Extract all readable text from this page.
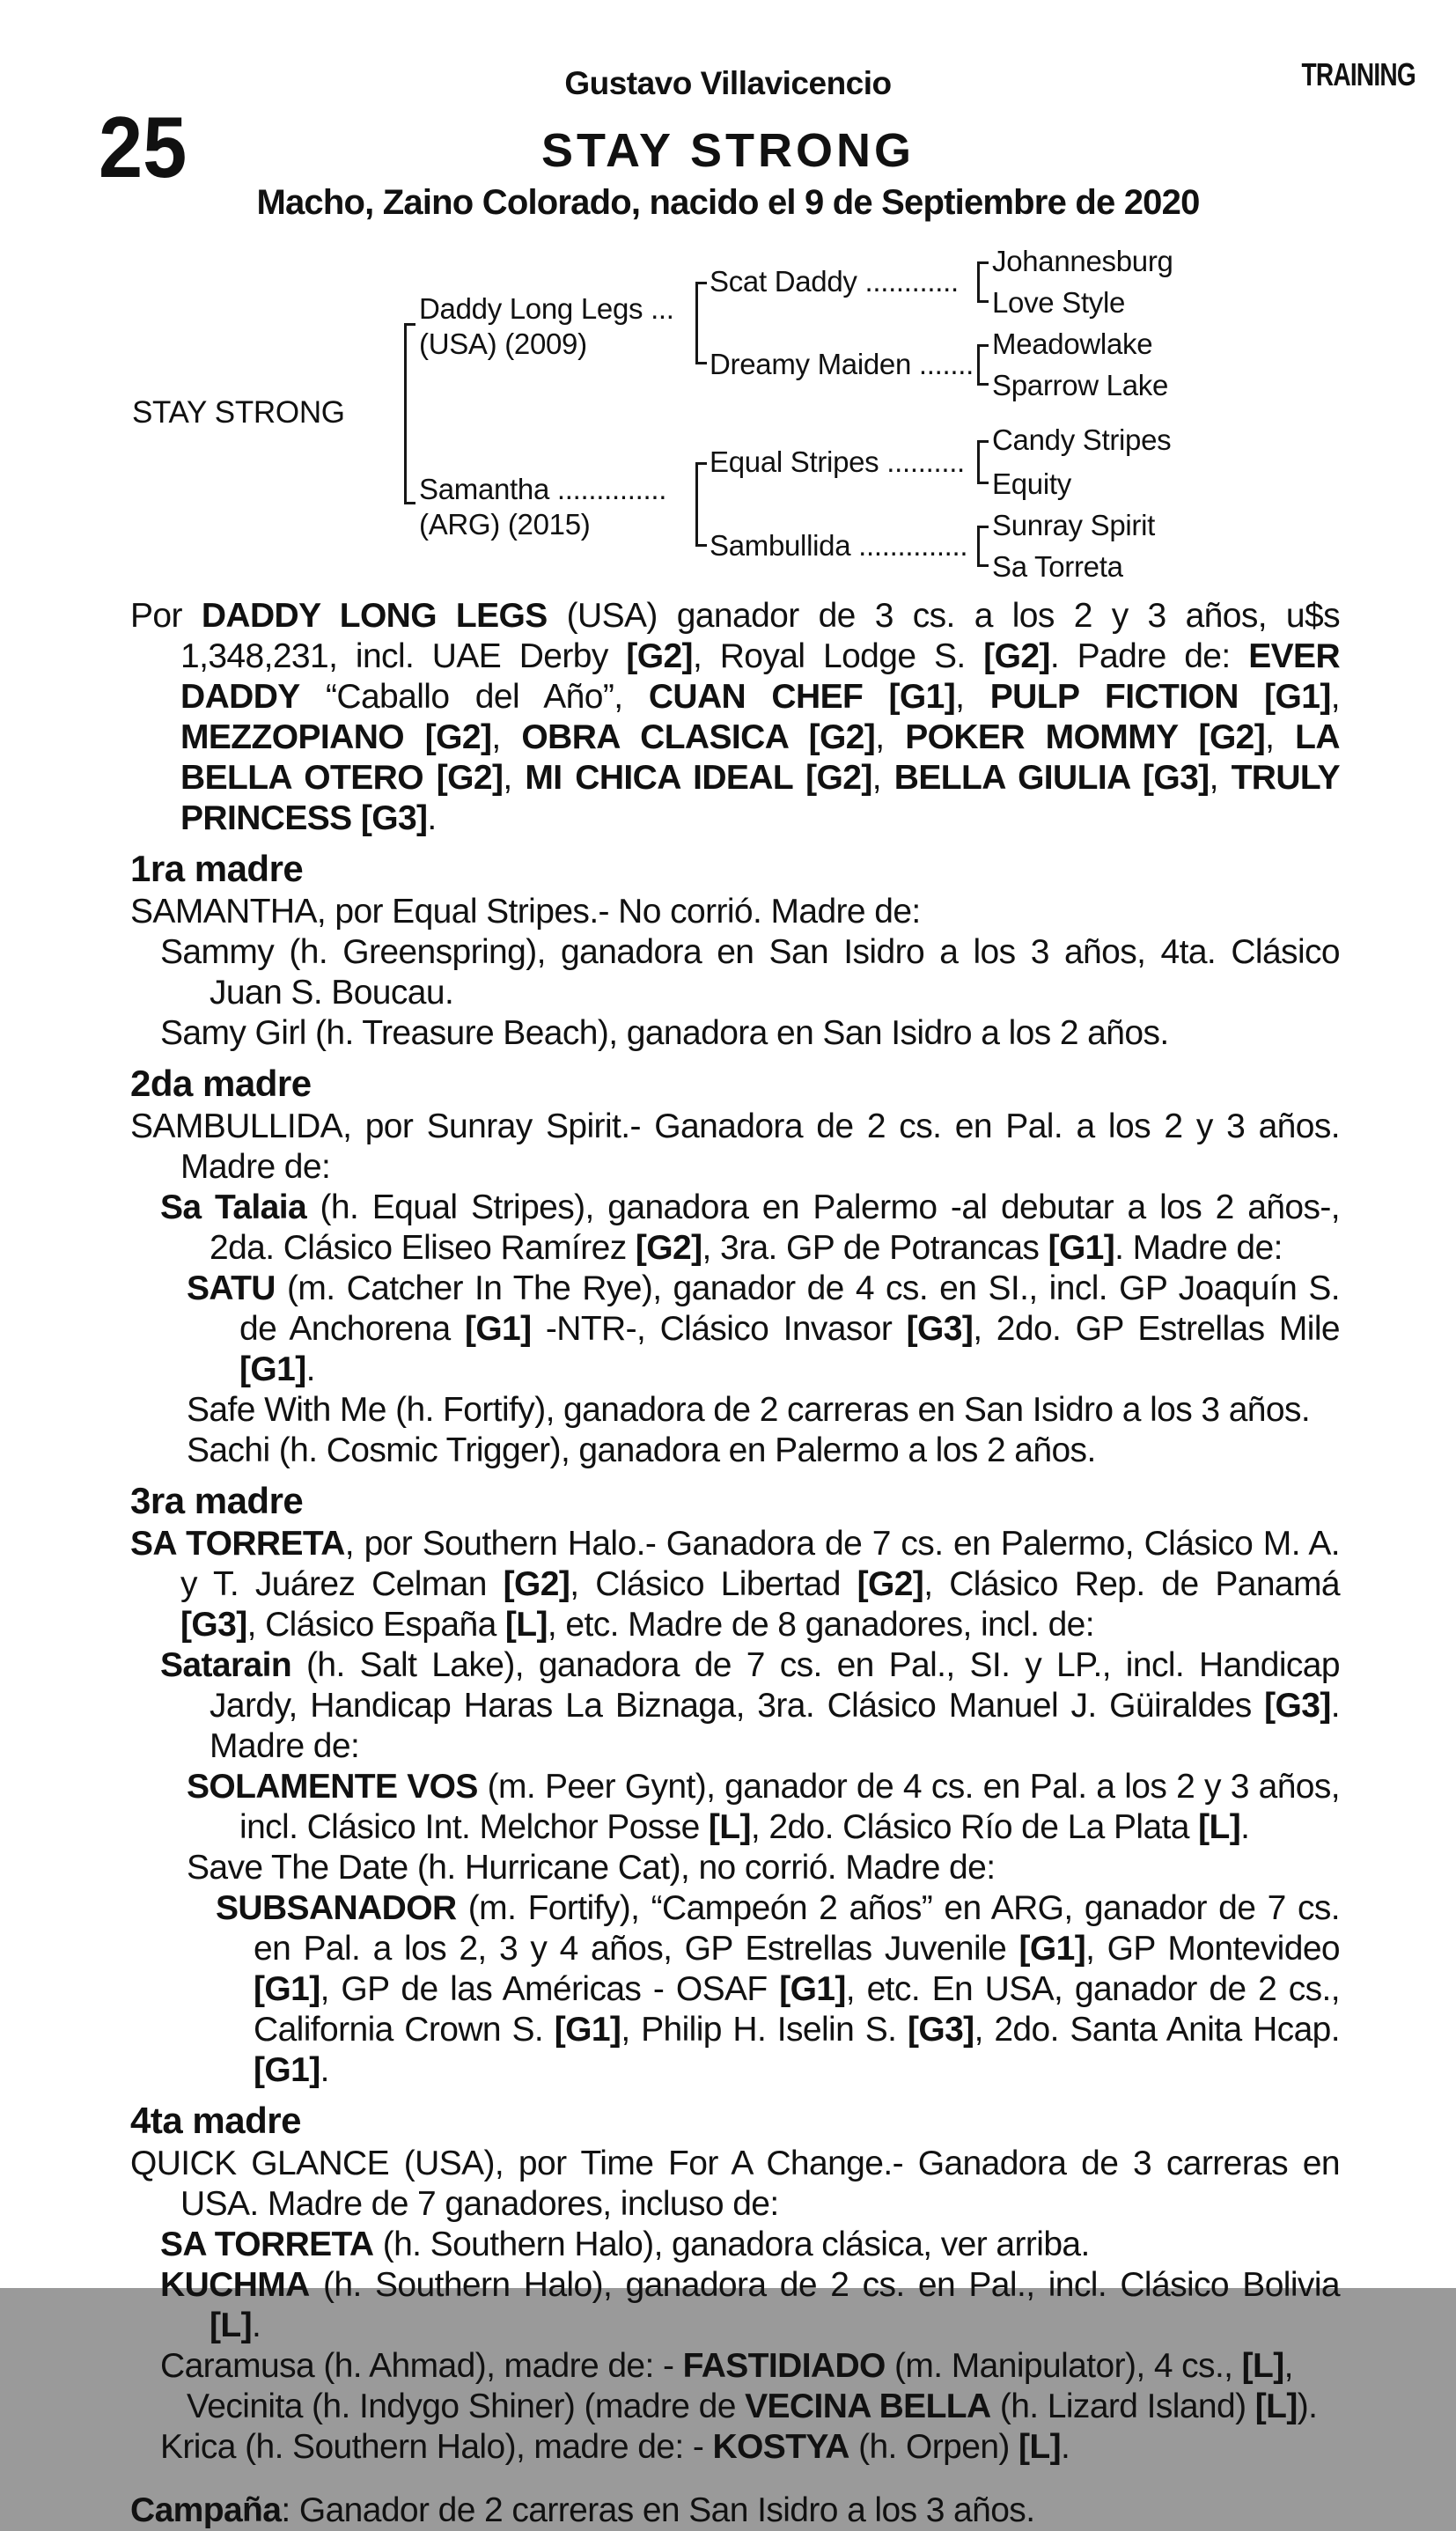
TRAINING
25
Gustavo Villavicencio
STAY STRONG
Macho, Zaino Colorado, nacido el 9 de Septiembre de 2020
STAY STRONG
Daddy Long Legs ...
(USA) (2009)
Samantha ..............
(ARG) (2015)
Scat Daddy ............
Dreamy Maiden .......
Equal Stripes ..........
Sambullida ..............
Johannesburg
Love Style
Meadowlake
Sparrow Lake
Candy Stripes
Equity
Sunray Spirit
Sa Torreta

Por DADDY LONG LEGS (USA) ganador de 3 cs. a los 2 y 3 años, u$s 1,348,231, incl. UAE Derby [G2], Royal Lodge S. [G2]. Padre de: EVER DADDY “Caballo del Año”, CUAN CHEF [G1], PULP FICTION [G1], MEZZOPIANO [G2], OBRA CLASICA [G2], POKER MOMMY [G2], LA BELLA OTERO [G2], MI CHICA IDEAL [G2], BELLA GIULIA [G3], TRULY PRINCESS [G3].

1ra madre

SAMANTHA, por Equal Stripes.- No corrió. Madre de:

Sammy (h. Greenspring), ganadora en San Isidro a los 3 años, 4ta. Clásico Juan S. Boucau.

Samy Girl (h. Treasure Beach), ganadora en San Isidro a los 2 años.

2da madre

SAMBULLIDA, por Sunray Spirit.- Ganadora de 2 cs. en Pal. a los 2 y 3 años. Madre de:

Sa Talaia (h. Equal Stripes), ganadora en Palermo -al debutar a los 2 años-, 2da. Clásico Eliseo Ramírez [G2], 3ra. GP de Potrancas [G1]. Madre de:

SATU (m. Catcher In The Rye), ganador de 4 cs. en SI., incl. GP Joaquín S. de Anchorena [G1] -NTR-, Clásico Invasor [G3], 2do. GP Estrellas Mile [G1].

Safe With Me (h. Fortify), ganadora de 2 carreras en San Isidro a los 3 años.

Sachi (h. Cosmic Trigger), ganadora en Palermo a los 2 años.

3ra madre

SA TORRETA, por Southern Halo.- Ganadora de 7 cs. en Palermo, Clásico M. A. y T. Juárez Celman [G2], Clásico Libertad [G2], Clásico Rep. de Panamá [G3], Clásico España [L], etc. Madre de 8 ganadores, incl. de:

Satarain (h. Salt Lake), ganadora de 7 cs. en Pal., SI. y LP., incl. Handicap Jardy, Handicap Haras La Biznaga, 3ra. Clásico Manuel J. Güiraldes [G3]. Madre de:

SOLAMENTE VOS (m. Peer Gynt), ganador de 4 cs. en Pal. a los 2 y 3 años, incl. Clásico Int. Melchor Posse [L], 2do. Clásico Río de La Plata [L].

Save The Date (h. Hurricane Cat), no corrió. Madre de:

SUBSANADOR (m. Fortify), “Campeón 2 años” en ARG, ganador de 7 cs. en Pal. a los 2, 3 y 4 años, GP Estrellas Juvenile [G1], GP Montevideo [G1], GP de las Américas - OSAF [G1], etc. En USA, ganador de 2 cs., California Crown S. [G1], Philip H. Iselin S. [G3], 2do. Santa Anita Hcap. [G1].

4ta madre

QUICK GLANCE (USA), por Time For A Change.- Ganadora de 3 carreras en USA. Madre de 7 ganadores, incluso de:

SA TORRETA (h. Southern Halo), ganadora clásica, ver arriba.

KUCHMA (h. Southern Halo), ganadora de 2 cs. en Pal., incl. Clásico Bolivia [L].

Caramusa (h. Ahmad), madre de: - FASTIDIADO (m. Manipulator), 4 cs., [L],

Vecinita (h. Indygo Shiner) (madre de VECINA BELLA (h. Lizard Island) [L]).

Krica (h. Southern Halo), madre de: - KOSTYA (h. Orpen) [L].

Campaña: Ganador de 2 carreras en San Isidro a los 3 años.
